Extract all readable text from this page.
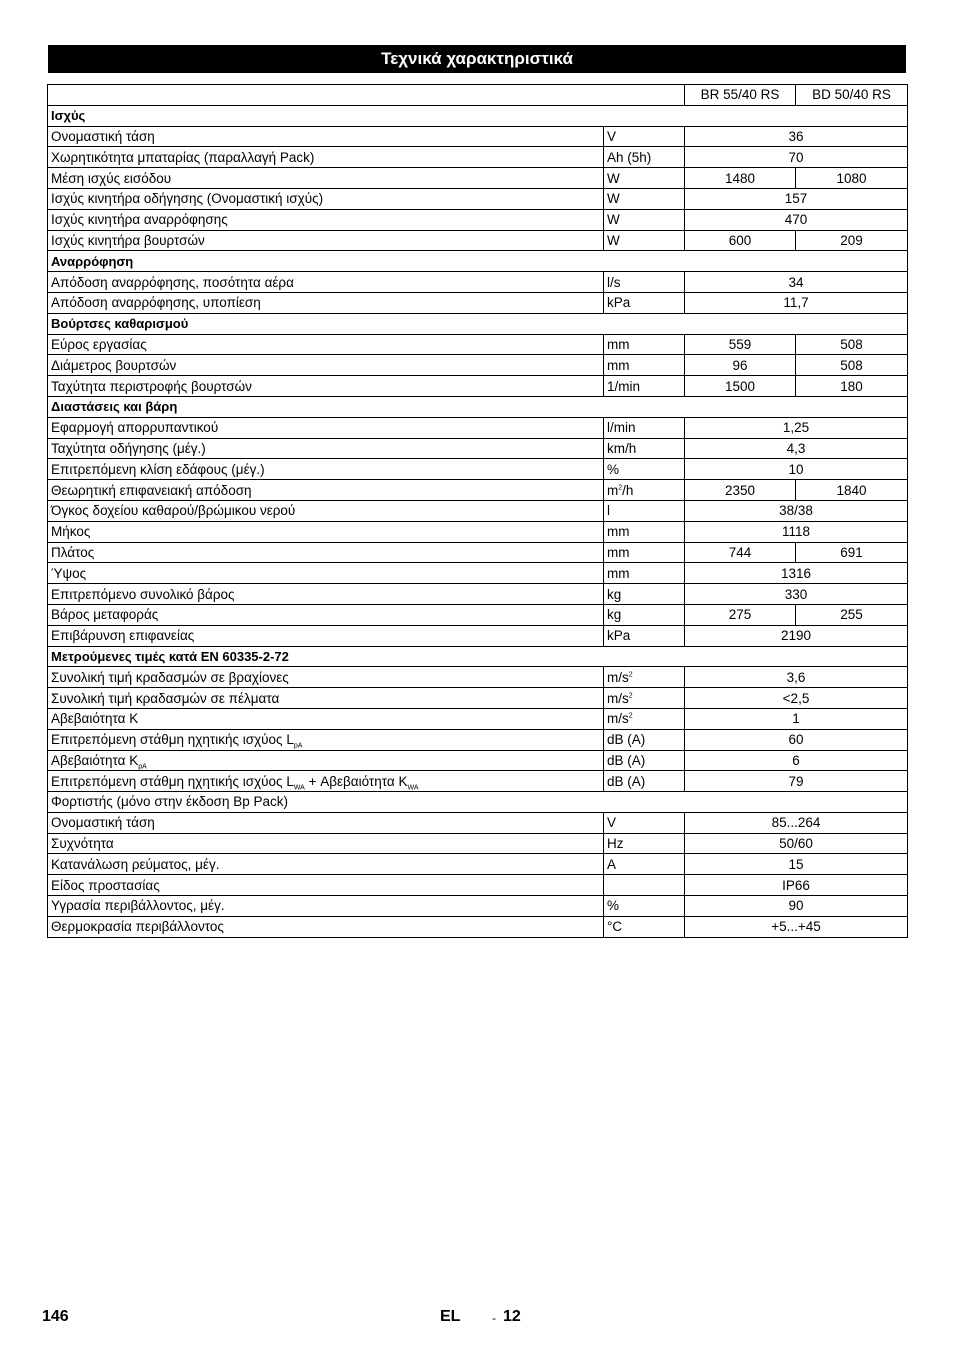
Τεχνικά χαρακτηριστικά
		BR 55/40 RS	BD 50/40 RS
Ισχύς			
Ονομαστική τάση	V	36	
Χωρητικότητα μπαταρίας (παραλλαγή Pack)	Ah (5h)	70	
Μέση ισχύς εισόδου	W	1480	1080
Ισχύς κινητήρα οδήγησης (Ονομαστική ισχύς)	W	157	
Ισχύς κινητήρα αναρρόφησης	W	470	
Ισχύς κινητήρα βουρτσών	W	600	209
Αναρρόφηση			
Απόδοση αναρρόφησης, ποσότητα αέρα	l/s	34	
Απόδοση αναρρόφησης, υποπίεση	kPa	11,7	
Βούρτσες καθαρισμού			
Εύρος εργασίας	mm	559	508
Διάμετρος βουρτσών	mm	96	508
Ταχύτητα περιστροφής βουρτσών	1/min	1500	180
Διαστάσεις και βάρη			
Εφαρμογή απορρυπαντικού	l/min	1,25	
Ταχύτητα οδήγησης (μέγ.)	km/h	4,3	
Επιτρεπόμενη κλίση εδάφους (μέγ.)	%	10	
Θεωρητική επιφανειακή απόδοση	$m^2/h$	2350	1840
Όγκος δοχείου καθαρού/βρώμικου νερού	l	38/38	
Μήκος	mm	1118	
Πλάτος	mm	744	691
Ύψος	mm	1316	
Επιτρεπόμενο συνολικό βάρος	kg	330	
Βάρος μεταφοράς	kg	275	255
Επιβάρυνση επιφανείας	kPa	2190	
Μετρούμενες τιμές κατά EN 60335-2-72			
Συνολική τιμή κραδασμών σε βραχίονες	$m/s^2$	3,6	
Συνολική τιμή κραδασμών σε πέλματα	$m/s^2$	<2,5	
Αβεβαιότητα K	$m/s^2$	1	
Επιτρεπόμενη στάθμη ηχητικής ισχύος $L_{pA}$	dB (A)	60	
Αβεβαιότητα $K_{pA}$	dB (A)	6	
Επιτρεπόμενη στάθμη ηχητικής ισχύος $L_{WA} + A\beta\varepsilon\beta\alpha\iota ό\tau\eta\tau\alpha$ $K_{WA}$	dB (A)	79	
Φορτιστής (μόνο στην έκδοση Bp Pack)			
Ονομαστική τάση	V	85...264	
Συχνότητα	Hz	50/60	
Κατανάλωση ρεύματος, μέγ.	A	15	
Είδος προστασίας		IP66	
Υγρασία περιβάλλοντος, μέγ.	%	90	
Θερμοκρασία περιβάλλοντος	°C	+5...+45	
146	EL	- 12
